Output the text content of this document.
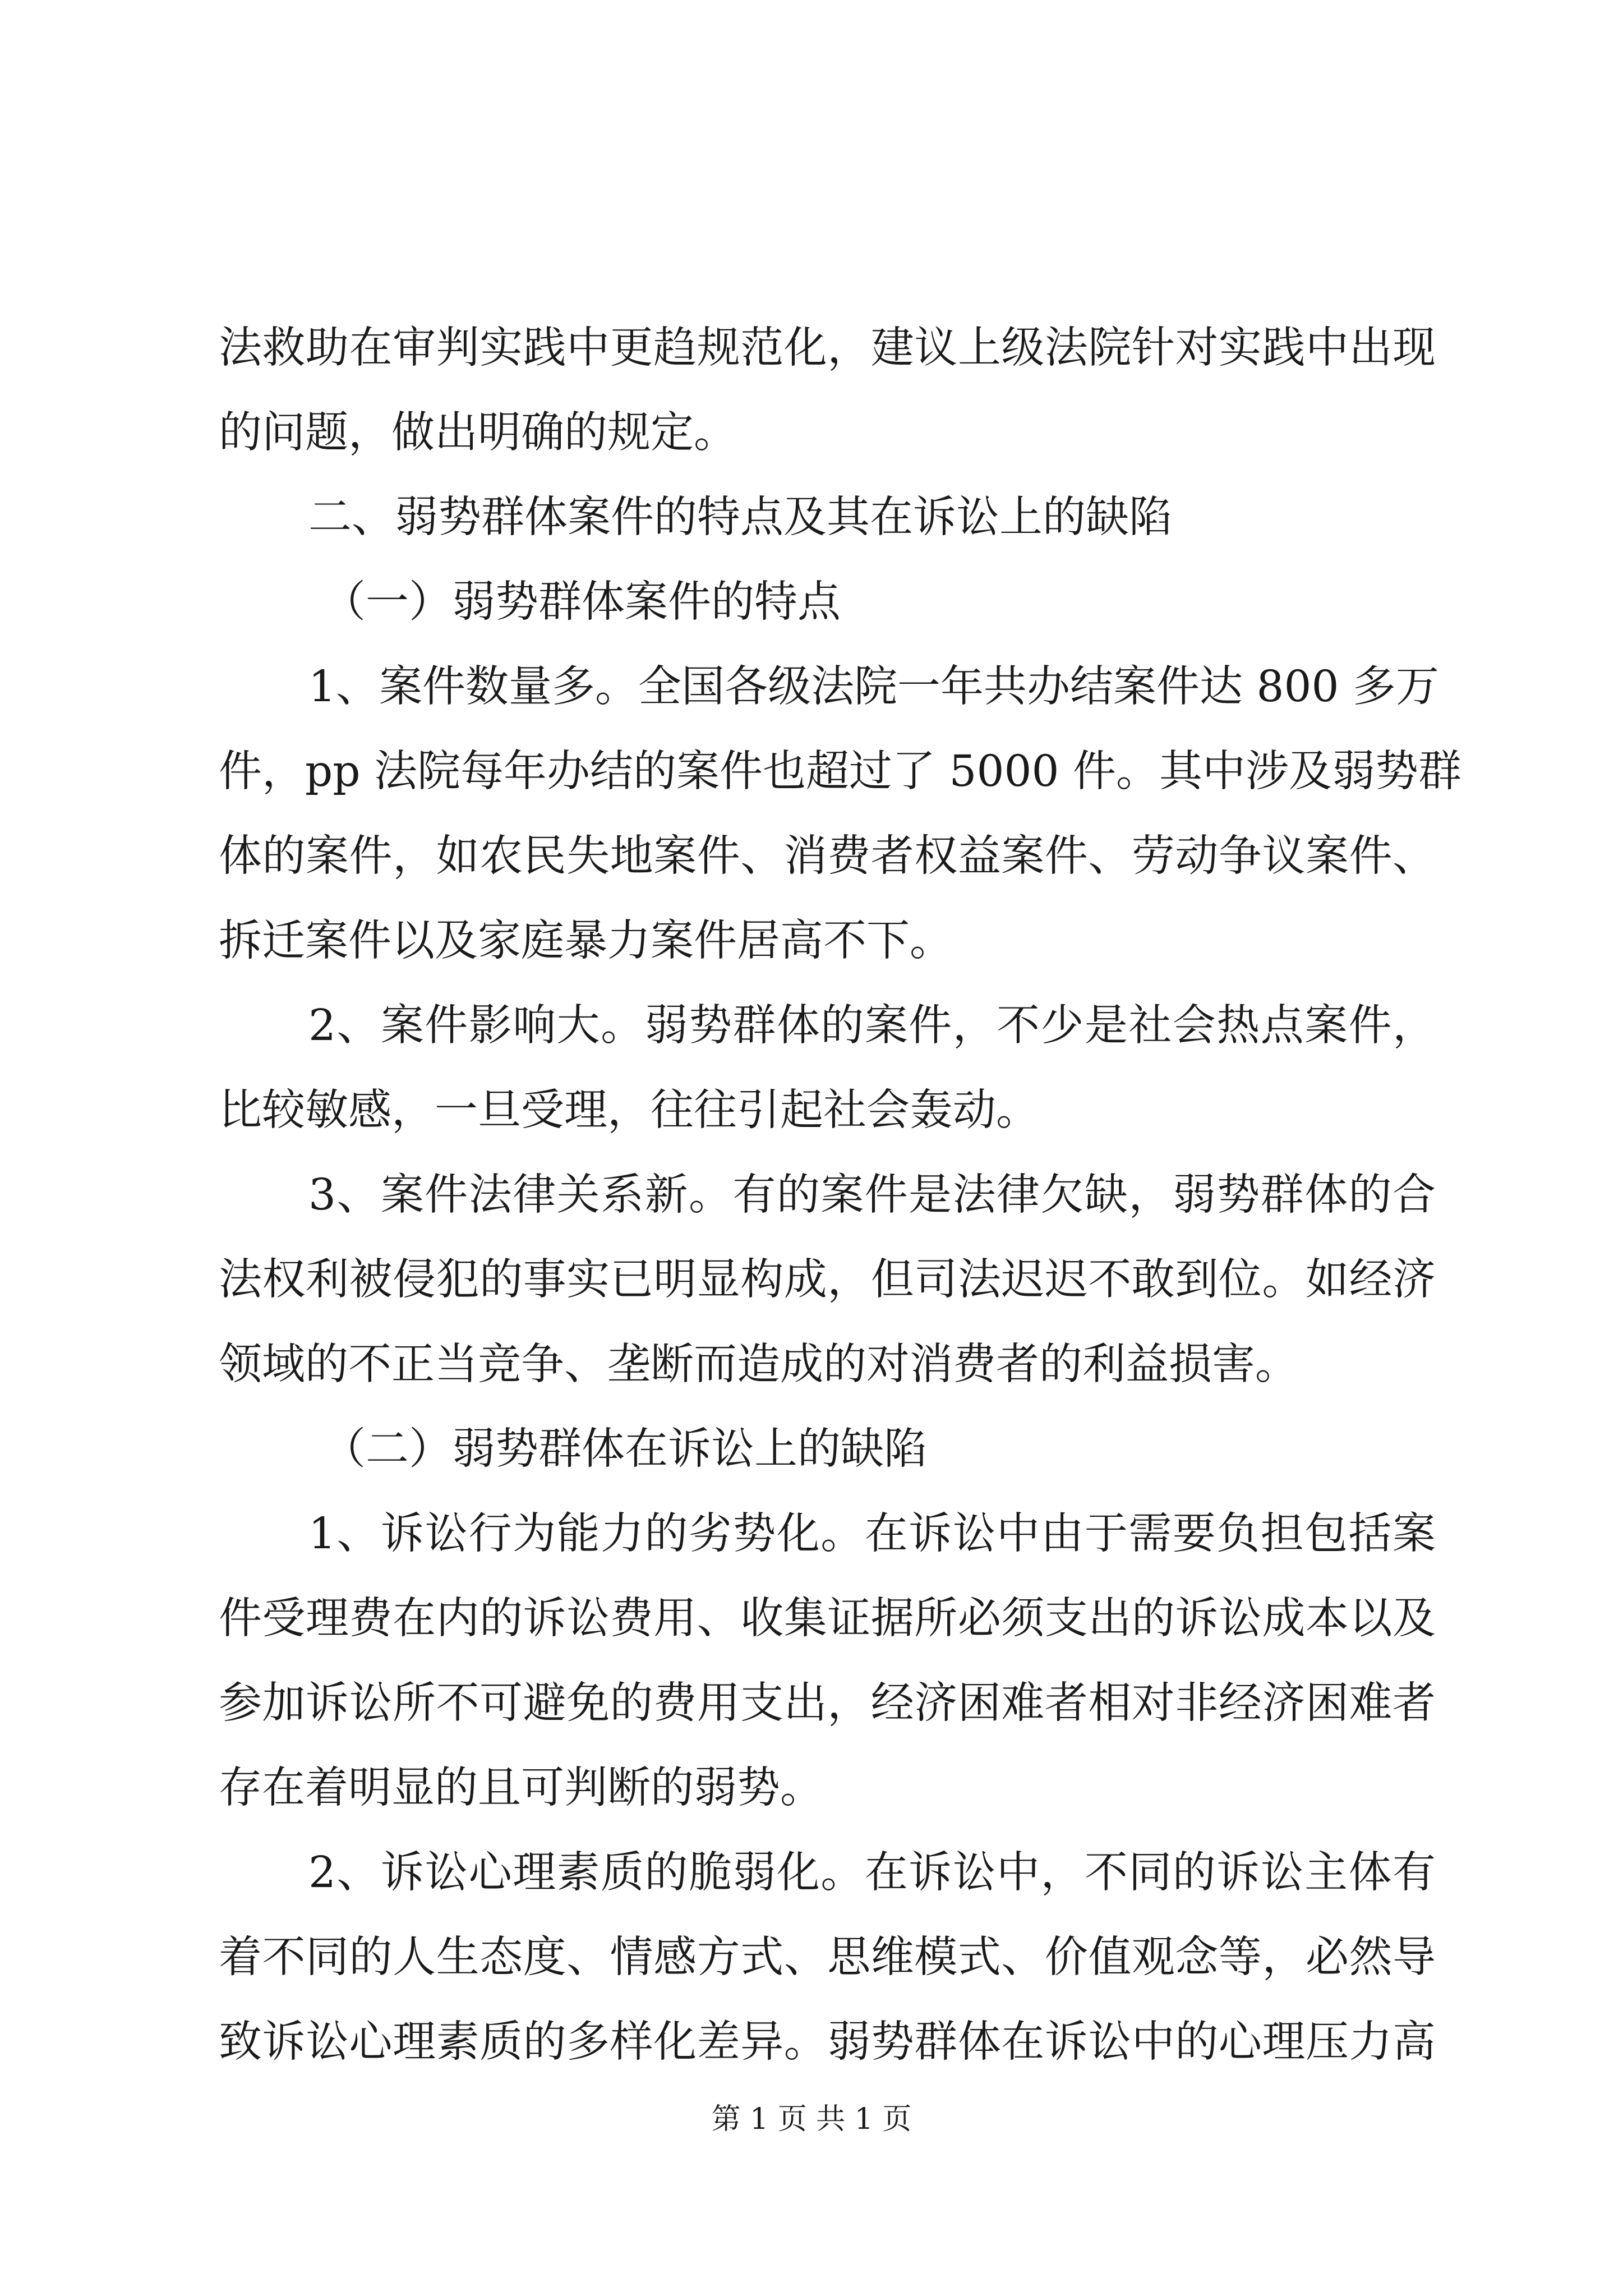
法救助在审判实践中更趋规范化，建议上级法院针对实践中出现
的问题，做出明确的规定。
二、弱势群体案件的特点及其在诉讼上的缺陷
（一）弱势群体案件的特点
1、案件数量多。全国各级法院一年共办结案件达 800 多万
件，pp 法院每年办结的案件也超过了 5000 件。其中涉及弱势群
体的案件，如农民失地案件、消费者权益案件、劳动争议案件、
拆迁案件以及家庭暴力案件居高不下。
2、案件影响大。弱势群体的案件，不少是社会热点案件，
比较敏感，一旦受理，往往引起社会轰动。
3、案件法律关系新。有的案件是法律欠缺，弱势群体的合
法权利被侵犯的事实已明显构成，但司法迟迟不敢到位。如经济
领域的不正当竞争、垄断而造成的对消费者的利益损害。
（二）弱势群体在诉讼上的缺陷
1、诉讼行为能力的劣势化。在诉讼中由于需要负担包括案
件受理费在内的诉讼费用、收集证据所必须支出的诉讼成本以及
参加诉讼所不可避免的费用支出，经济困难者相对非经济困难者
存在着明显的且可判断的弱势。
2、诉讼心理素质的脆弱化。在诉讼中，不同的诉讼主体有
着不同的人生态度、情感方式、思维模式、价值观念等，必然导
致诉讼心理素质的多样化差异。弱势群体在诉讼中的心理压力高
第 1 页 共 1 页
